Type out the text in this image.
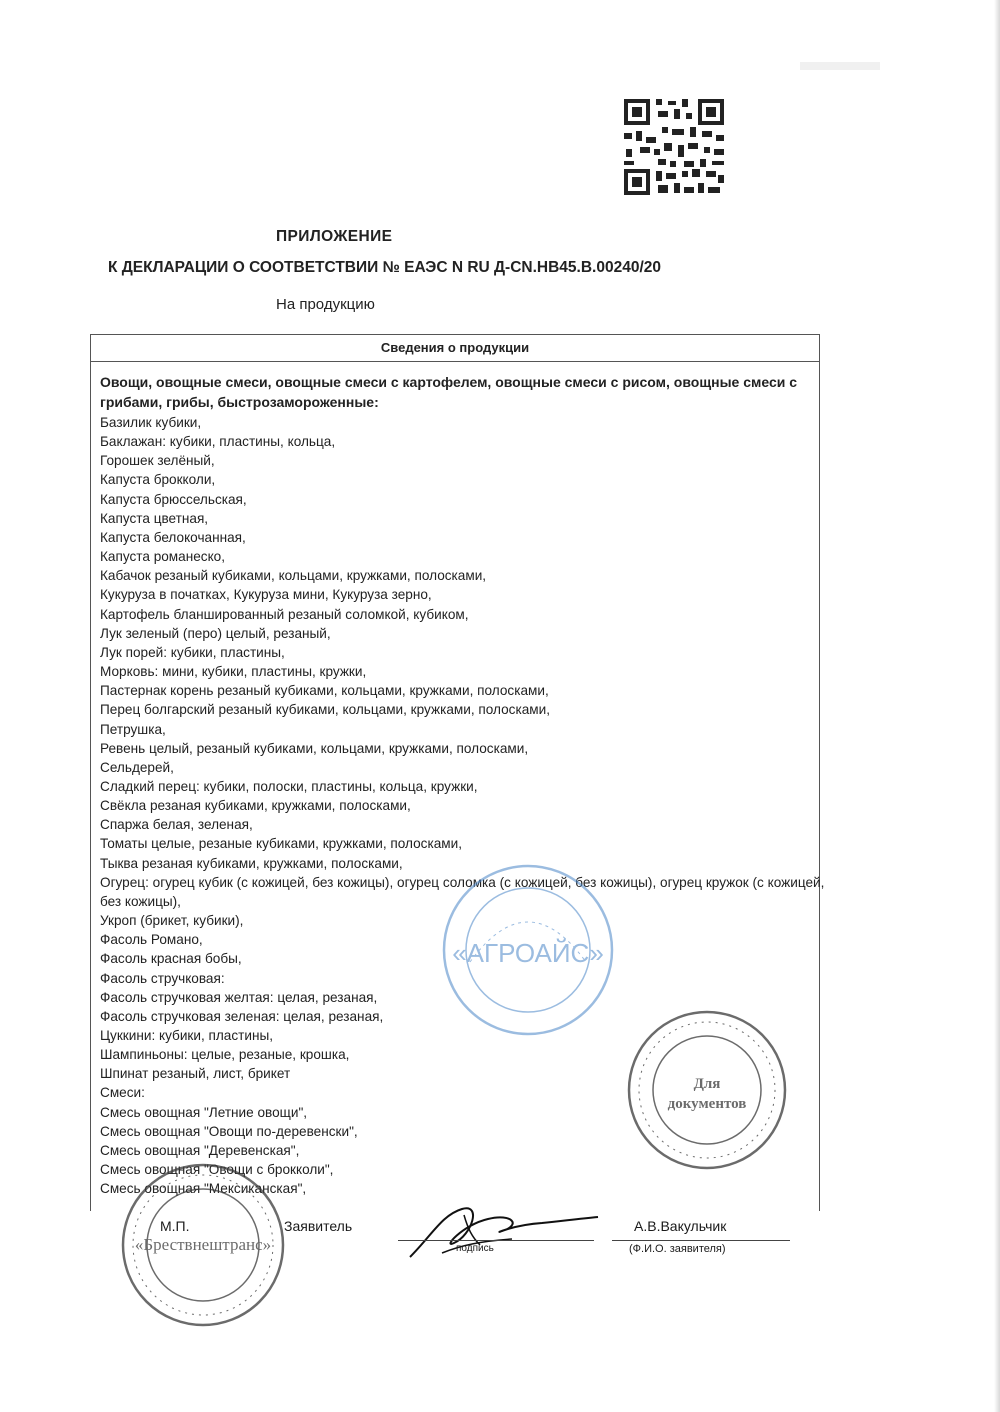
ПРИЛОЖЕНИЕ
К ДЕКЛАРАЦИИ О СООТВЕТСТВИИ № ЕАЭС N RU Д-CN.НВ45.В.00240/20
На продукцию
Сведения о продукции
Овощи, овощные смеси, овощные смеси с картофелем, овощные смеси с рисом, овощные смеси с грибами, грибы, быстрозамороженные:
Базилик кубики,
Баклажан: кубики, пластины, кольца,
Горошек зелёный,
Капуста брокколи,
Капуста брюссельская,
Капуста цветная,
Капуста белокочанная,
Капуста романеско,
Кабачок резаный кубиками, кольцами, кружками, полосками,
Кукуруза в початках, Кукуруза мини, Кукуруза зерно,
Картофель бланшированный резаный соломкой, кубиком,
Лук зеленый (перо) целый, резаный,
Лук порей: кубики, пластины,
Морковь: мини, кубики, пластины, кружки,
Пастернак корень резаный кубиками, кольцами, кружками, полосками,
Перец болгарский резаный кубиками, кольцами, кружками, полосками,
Петрушка,
Ревень целый, резаный кубиками, кольцами, кружками, полосками,
Сельдерей,
Сладкий перец: кубики, полоски, пластины, кольца, кружки,
Свёкла резаная кубиками, кружками, полосками,
Спаржа белая, зеленая,
Томаты целые, резаные кубиками, кружками, полосками,
Тыква резаная кубиками, кружками, полосками,
Огурец: огурец кубик (с кожицей, без кожицы), огурец соломка (с кожицей, без кожицы), огурец кружок (с кожицей, без кожицы),
Укроп (брикет, кубики),
Фасоль Романо,
Фасоль красная бобы,
Фасоль стручковая:
Фасоль стручковая желтая: целая, резаная,
Фасоль стручковая зеленая: целая, резаная,
Цуккини: кубики, пластины,
Шампиньоны: целые, резаные, крошка,
Шпинат резаный, лист, брикет
Смеси:
Смесь овощная "Летние овощи",
Смесь овощная "Овощи по-деревенски",
Смесь овощная "Деревенская",
Смесь овощная "Овощи с брокколи",
Смесь овощная "Мексиканская",
«АГРОАЙС»
Для
документов
«Брествнештранс»
М.П.	Заявитель
подпись
А.В.Вакульчик
(Ф.И.О. заявителя)
